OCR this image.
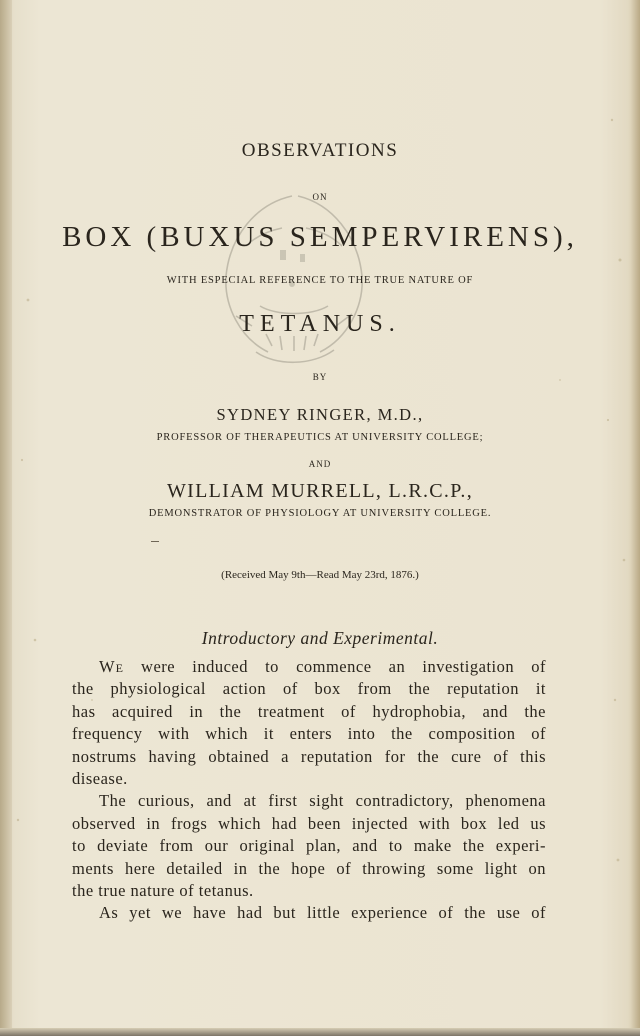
OBSERVATIONS
ON
BOX (BUXUS SEMPERVIRENS),
WITH ESPECIAL REFERENCE TO THE TRUE NATURE OF
TETANUS.
BY
SYDNEY RINGER, M.D.,
PROFESSOR OF THERAPEUTICS AT UNIVERSITY COLLEGE;
AND
WILLIAM MURRELL, L.R.C.P.,
DEMONSTRATOR OF PHYSIOLOGY AT UNIVERSITY COLLEGE.
(Received May 9th—Read May 23rd, 1876.)
Introductory and Experimental.
We were induced to commence an investigation of
the physiological action of box from the reputation it
has acquired in the treatment of hydrophobia, and the
frequency with which it enters into the composition of
nostrums having obtained a reputation for the cure of this
disease.
The curious, and at first sight contradictory, phenomena
observed in frogs which had been injected with box led us
to deviate from our original plan, and to make the experi-
ments here detailed in the hope of throwing some light on
the true nature of tetanus.
As yet we have had but little experience of the use of
